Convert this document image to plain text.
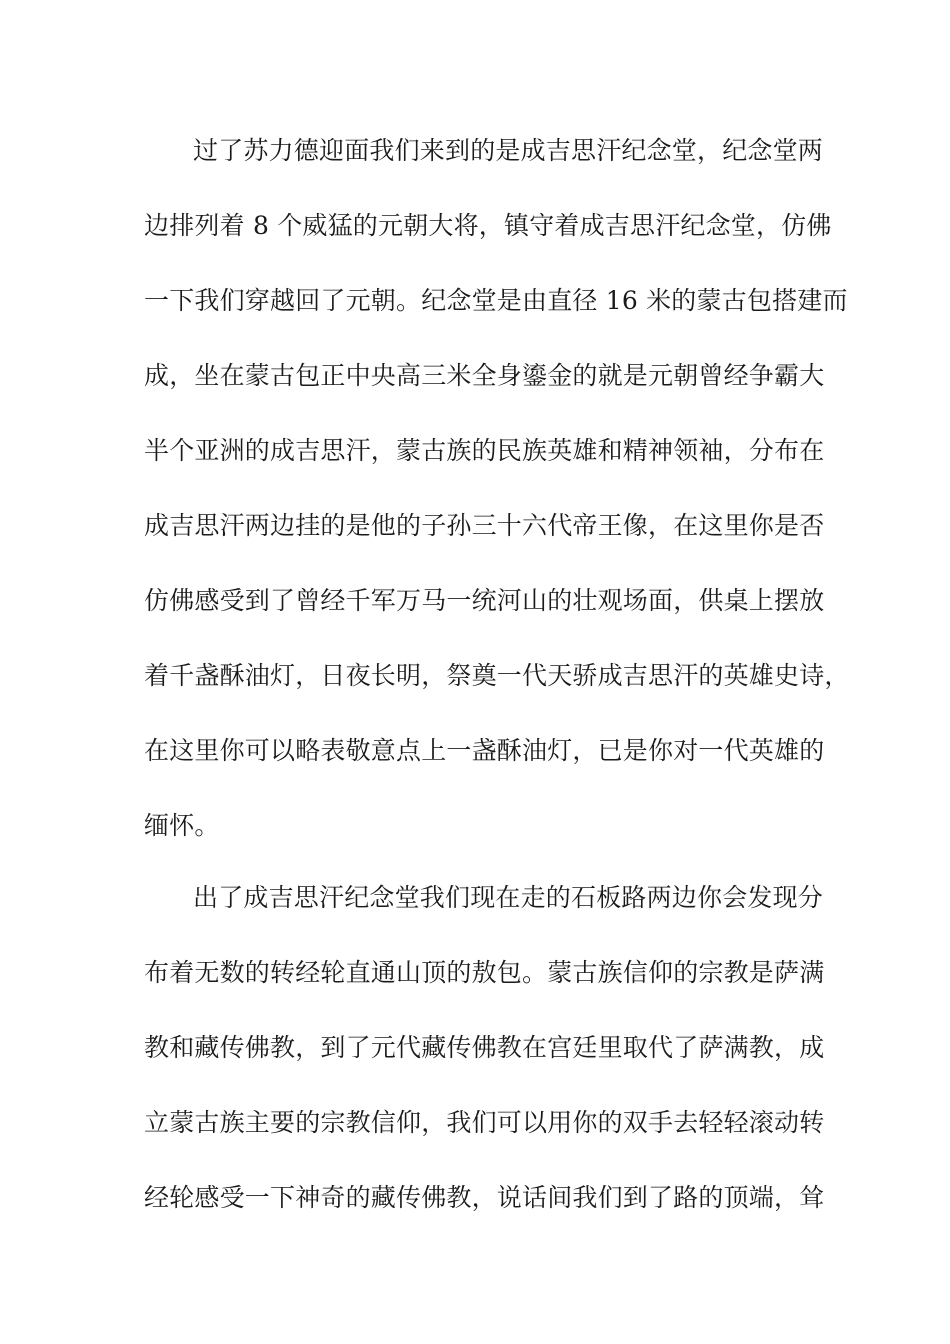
过了苏力德迎面我们来到的是成吉思汗纪念堂，纪念堂两
边排列着 8 个威猛的元朝大将，镇守着成吉思汗纪念堂，仿佛
一下我们穿越回了元朝。纪念堂是由直径 16 米的蒙古包搭建而
成，坐在蒙古包正中央高三米全身鎏金的就是元朝曾经争霸大
半个亚洲的成吉思汗，蒙古族的民族英雄和精神领袖，分布在
成吉思汗两边挂的是他的子孙三十六代帝王像，在这里你是否
仿佛感受到了曾经千军万马一统河山的壮观场面，供桌上摆放
着千盏酥油灯，日夜长明，祭奠一代天骄成吉思汗的英雄史诗，
在这里你可以略表敬意点上一盏酥油灯，已是你对一代英雄的
缅怀。
出了成吉思汗纪念堂我们现在走的石板路两边你会发现分
布着无数的转经轮直通山顶的敖包。蒙古族信仰的宗教是萨满
教和藏传佛教，到了元代藏传佛教在宫廷里取代了萨满教，成
立蒙古族主要的宗教信仰，我们可以用你的双手去轻轻滚动转
经轮感受一下神奇的藏传佛教，说话间我们到了路的顶端，耸
